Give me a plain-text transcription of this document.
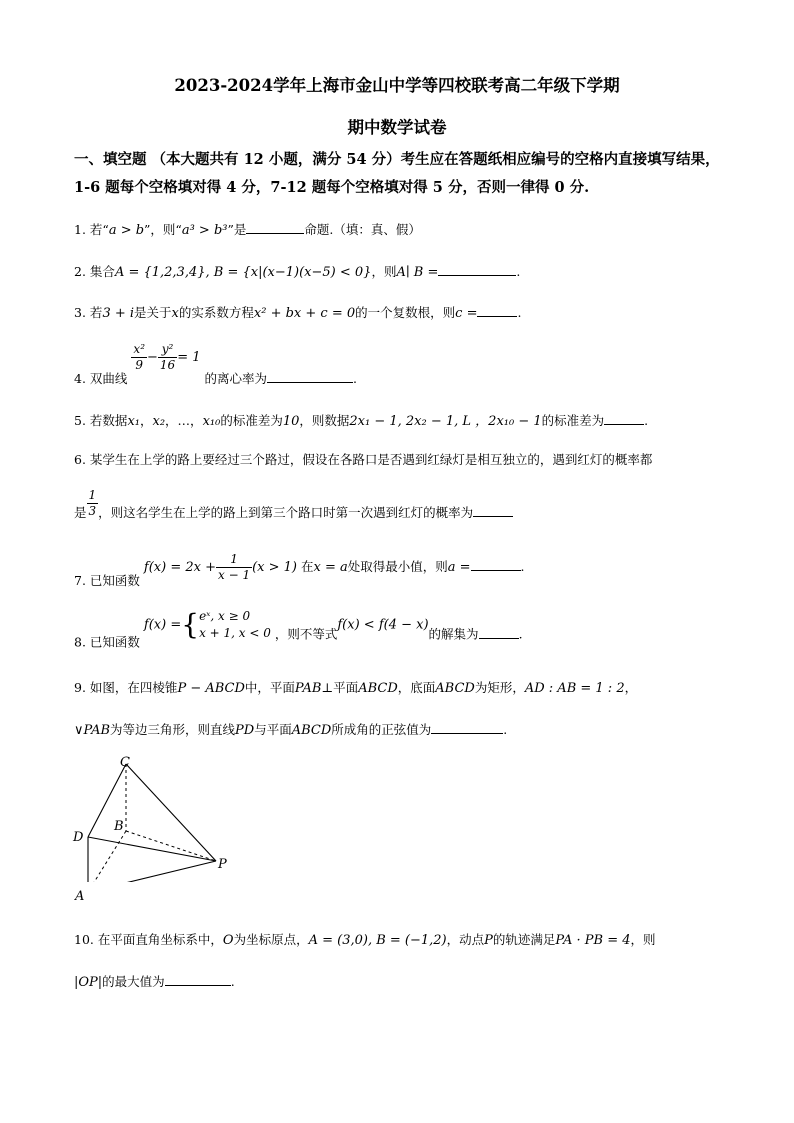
2023-2024学年上海市金山中学等四校联考高二年级下学期
期中数学试卷
一、填空题 （本大题共有 12 小题，满分 54 分）考生应在答题纸相应编号的空格内直接填写结果，1-6 题每个空格填对得 4 分，7-12 题每个空格填对得 5 分，否则一律得 0 分.
1. 若“a > b”，则“a³ > b³”是	命题.（填：真、假）
2. 集合A = {1,2,3,4}, B = {x|(x−1)(x−5) < 0}，则A∣ B =	.
3. 若3 + i是关于x的实系数方程x² + bx + c = 0的一个复数根，则c =	.
4. 双曲线
$\frac{\text{x²}}{9} - \frac{\text{y²}}{16} = 1$ 的离心率为	.
5. 若数据x₁，x₂，…，x₁₀的标准差为10，则数据2x₁ − 1, 2x₂ − 1, L ，2x₁₀ − 1的标准差为	.
6. 某学生在上学的路上要经过三个路过，假设在各路口是否遇到红绿灯是相互独立的，遇到红灯的概率都
是 $\frac{1}{3}$ ，则这名学生在上学的路上到第三个路口时第一次遇到红灯的概率为
7. 已知函数 $f(x) = 2x + \frac{1}{x - 1} (x > 1)$ 在x = a处取得最小值，则a =	.
8. 已知函数 f(x) ={ eˣ, x ≥ 0
x + 1, x < 0 ，则不等式f(x) < f(4 − x)的解集为	.
9. 如图，在四棱锥P − ABCD中，平面PAB⊥平面ABCD，底面ABCD为矩形，AD : AB = 1 : 2，
∨PAB为等边三角形，则直线PD与平面ABCD所成角的正弦值为	.
C
B
D
P
A
10. 在平面直角坐标系中，O为坐标原点，A = (3,0), B = (−1,2)，动点P的轨迹满足PA · PB = 4，则
|OP|的最大值为	.
